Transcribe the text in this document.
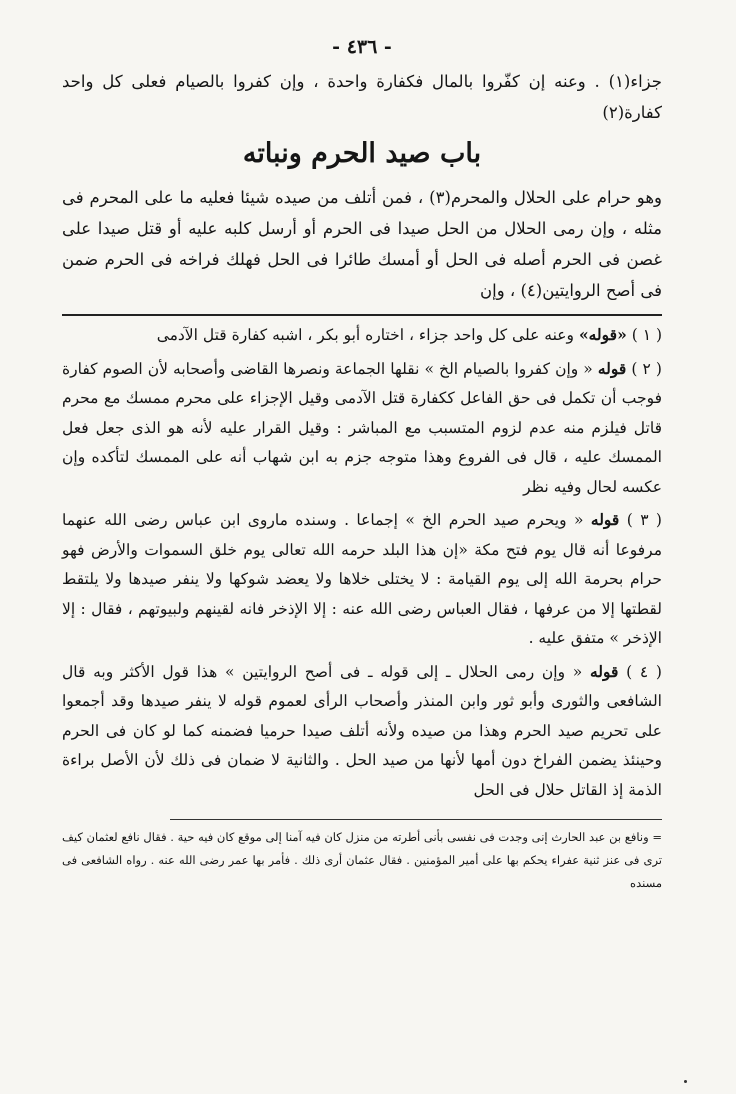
- ٤٣٦ -

جزاء(١) . وعنه إن كفّروا بالمال فكفارة واحدة ، وإن كفروا بالصيام فعلى كل واحد كفارة(٢)

باب صيد الحرم ونباته

وهو حرام على الحلال والمحرم(٣) ، فمن أتلف من صيده شيئا فعليه ما على المحرم فى مثله ، وإن رمى الحلال من الحل صيدا فى الحرم أو أرسل كلبه عليه أو قتل صيدا على غصن فى الحرم أصله فى الحل أو أمسك طائرا فى الحل فهلك فراخه فى الحرم ضمن فى أصح الروايتين(٤) ، وإن

( ١ ) «قوله» وعنه على كل واحد جزاء ، اختاره أبو بكر ، اشبه كفارة قتل الآدمى

( ٢ ) قوله « وإن كفروا بالصيام الخ » نقلها الجماعة ونصرها القاضى وأصحابه لأن الصوم كفارة فوجب أن تكمل فى حق الفاعل ككفارة قتل الآدمى وقيل الإجزاء على محرم ممسك مع محرم قاتل فيلزم منه عدم لزوم المتسبب مع المباشر : وقيل القرار عليه لأنه هو الذى جعل فعل الممسك عليه ، قال فى الفروع وهذا متوجه جزم به ابن شهاب أنه على الممسك لتأكده وإن عكسه لحال وفيه نظر

( ٣ ) قوله « ويحرم صيد الحرم الخ » إجماعا . وسنده ماروى ابن عباس رضى الله عنهما مرفوعا أنه قال يوم فتح مكة «إن هذا البلد حرمه الله تعالى يوم خلق السموات والأرض فهو حرام بحرمة الله إلى يوم القيامة : لا يختلى خلاها ولا يعضد شوكها ولا ينفر صيدها ولا يلتقط لقطتها إلا من عرفها ، فقال العباس رضى الله عنه : إلا الإذخر فانه لقينهم ولبيوتهم ، فقال : إلا الإذخر » متفق عليه .

( ٤ ) قوله « وإن رمى الحلال ـ إلى قوله ـ فى أصح الروايتين » هذا قول الأكثر وبه قال الشافعى والثورى وأبو ثور وابن المنذر وأصحاب الرأى لعموم قوله لا ينفر صيدها وقد أجمعوا على تحريم صيد الحرم وهذا من صيده ولأنه أتلف صيدا حرميا فضمنه كما لو كان فى الحرم وحينئذ يضمن الفراخ دون أمها لأنها من صيد الحل . والثانية لا ضمان فى ذلك لأن الأصل براءة الذمة إذ القاتل حلال فى الحل

= ونافع بن عبد الحارث إنى وجدت فى نفسى بأنى أطرته من منزل كان فيه آمنا إلى موقع كان فيه حية . فقال نافع لعثمان كيف ترى فى عنز ثنية عفراء يحكم بها على أمير المؤمنين . فقال عثمان أرى ذلك . فأمر بها عمر رضى الله عنه . رواه الشافعى فى مسنده
